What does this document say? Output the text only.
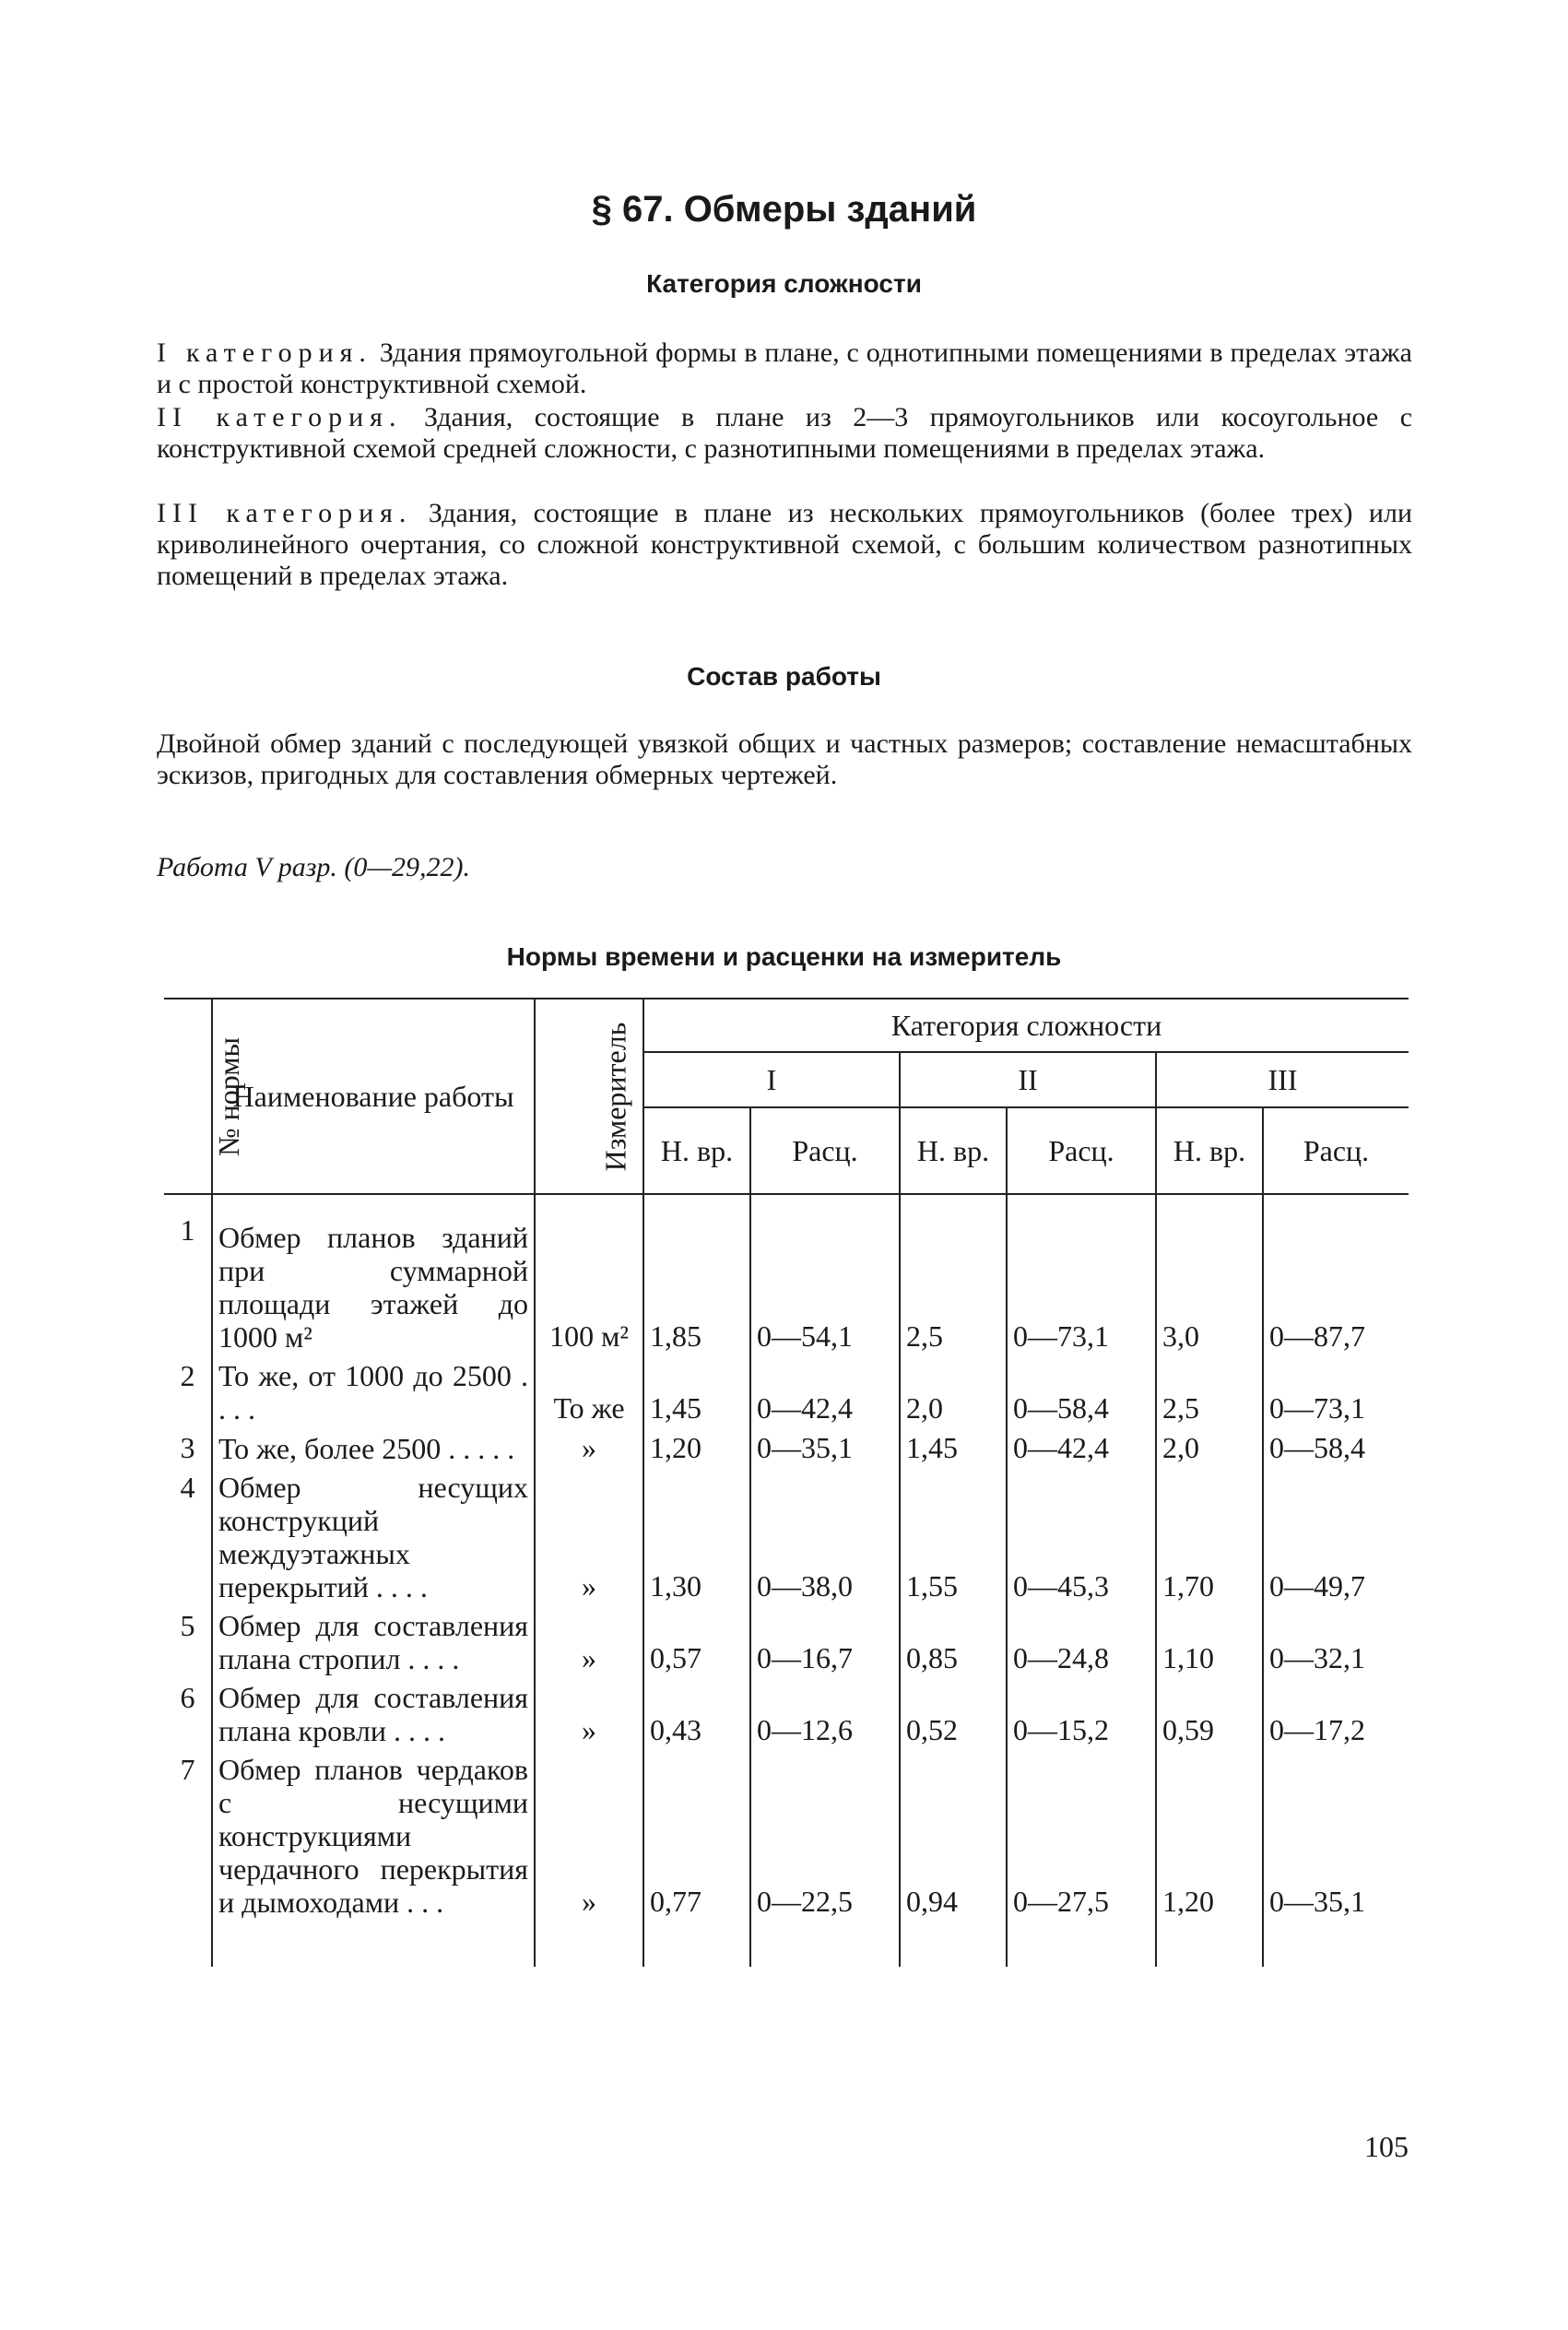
§ 67. Обмеры зданий
Категория сложности

I категория. Здания прямоугольной формы в плане, с однотипными помещениями в пределах этажа и с простой конструктивной схемой.

II категория. Здания, состоящие в плане из 2—3 прямоугольников или косоугольное с конструктивной схемой средней сложности, с разнотипными помещениями в пределах этажа.

III категория. Здания, состоящие в плане из нескольких прямоугольников (более трех) или криволинейного очертания, со сложной конструктивной схемой, с большим количеством разнотипных помещений в пределах этажа.

Состав работы

Двойной обмер зданий с последующей увязкой общих и частных размеров; составление немасштабных эскизов, пригодных для составления обмерных чертежей.

Работа V разр. (0—29,22).

Нормы времени и расценки на измеритель
№ нормы	Наименование работы	Измеритель	Категория сложности					
			I		II		III	
			Н. вр.	Расц.	Н. вр.	Расц.	Н. вр.	Расц.
1	Обмер планов зданий при суммарной площади этажей до 1000 м²	100 м²	1,85	0—54,1	2,5	0—73,1	3,0	0—87,7
2	То же, от 1000 до 2500 . . . .	То же	1,45	0—42,4	2,0	0—58,4	2,5	0—73,1
3	То же, более 2500 . . . . .	»	1,20	0—35,1	1,45	0—42,4	2,0	0—58,4
4	Обмер несущих конструкций междуэтажных перекрытий . . . .	»	1,30	0—38,0	1,55	0—45,3	1,70	0—49,7
5	Обмер для составления плана стропил . . . .	»	0,57	0—16,7	0,85	0—24,8	1,10	0—32,1
6	Обмер для составления плана кровли . . . .	»	0,43	0—12,6	0,52	0—15,2	0,59	0—17,2
7	Обмер планов чердаков с несущими конструкциями чердачного перекрытия и дымоходами . . .	»	0,77	0—22,5	0,94	0—27,5	1,20	0—35,1

105
